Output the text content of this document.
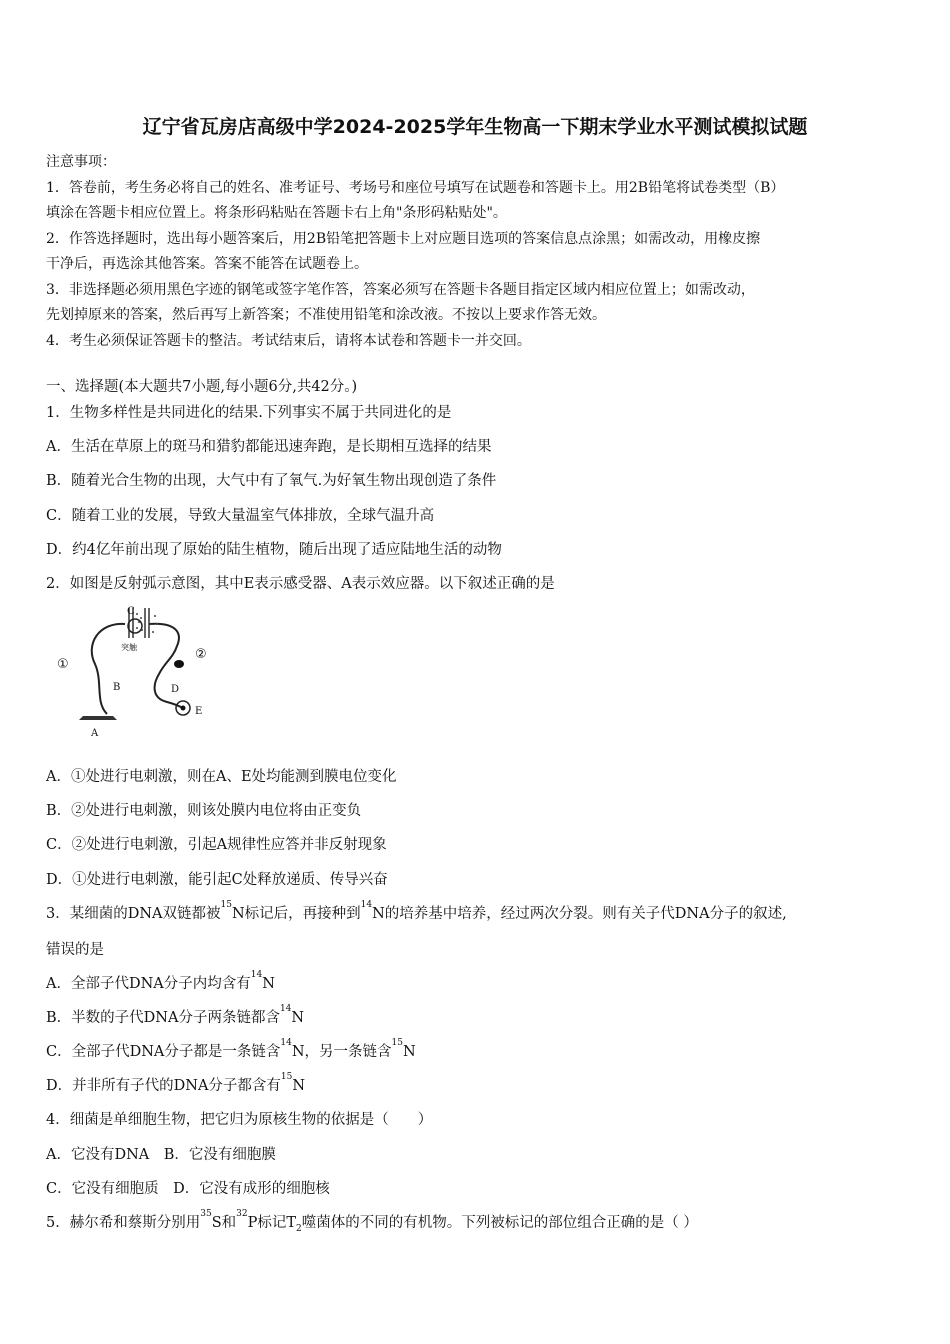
辽宁省瓦房店高级中学2024-2025学年生物高一下期末学业水平测试模拟试题

注意事项：

1．答卷前，考生务必将自己的姓名、准考证号、考场号和座位号填写在试题卷和答题卡上。用2B铅笔将试卷类型（B）

填涂在答题卡相应位置上。将条形码粘贴在答题卡右上角"条形码粘贴处"。

2．作答选择题时，选出每小题答案后，用2B铅笔把答题卡上对应题目选项的答案信息点涂黑；如需改动，用橡皮擦

干净后，再选涂其他答案。答案不能答在试题卷上。

3．非选择题必须用黑色字迹的钢笔或签字笔作答，答案必须写在答题卡各题目指定区域内相应位置上；如需改动，

先划掉原来的答案，然后再写上新答案；不准使用铅笔和涂改液。不按以上要求作答无效。

4．考生必须保证答题卡的整洁。考试结束后，请将本试卷和答题卡一并交回。

一、选择题(本大题共7小题,每小题6分,共42分。)
1．生物多样性是共同进化的结果.下列事实不属于共同进化的是
A．生活在草原上的斑马和猎豹都能迅速奔跑，是长期相互选择的结果
B．随着光合生物的出现，大气中有了氧气.为好氧生物出现创造了条件
C．随着工业的发展，导致大量温室气体排放，全球气温升高
D．约4亿年前出现了原始的陆生植物，随后出现了适应陆地生活的动物
2．如图是反射弧示意图，其中E表示感受器、A表示效应器。以下叙述正确的是
C
突触
①
②
B	D
E
A
A．①处进行电刺激，则在A、E处均能测到膜电位变化
B．②处进行电刺激，则该处膜内电位将由正变负
C．②处进行电刺激，引起A规律性应答并非反射现象
D．①处进行电刺激，能引起C处释放递质、传导兴奋
3．某细菌的DNA双链都被$^{15}$N标记后，再接种到$^{14}$N的培养基中培养，经过两次分裂。则有关子代DNA分子的叙述,
错误的是
A．全部子代DNA分子内均含有$^{14}$N
B．半数的子代DNA分子两条链都含$^{14}$N
C．全部子代DNA分子都是一条链含$^{14}$N，另一条链含$^{15}$N
D．并非所有子代的DNA分子都含有$^{15}$N
4．细菌是单细胞生物，把它归为原核生物的依据是（　　）
A．它没有DNA　B．它没有细胞膜
C．它没有细胞质　D．它没有成形的细胞核
5．赫尔希和蔡斯分别用$^{35}$S和$^{32}$P标记$T_2$噬菌体的不同的有机物。下列被标记的部位组合正确的是（ ）
